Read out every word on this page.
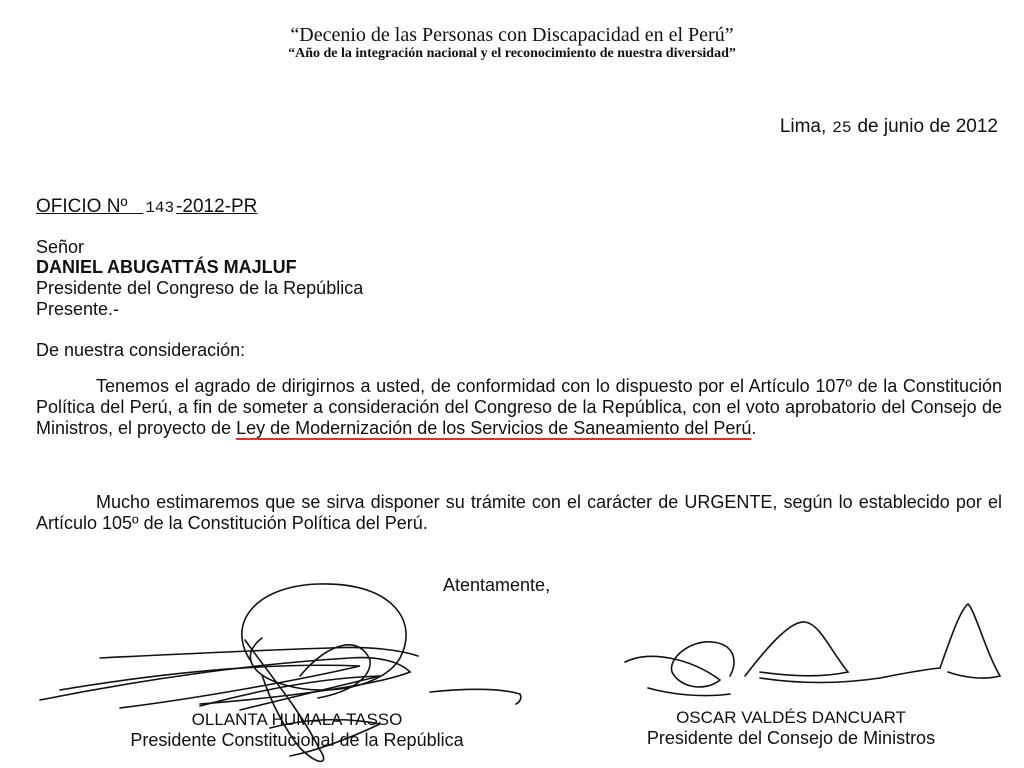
“Decenio de las Personas con Discapacidad en el Perú”
“Año de la integración nacional y el reconocimiento de nuestra diversidad”
Lima, 25 de junio de 2012
OFICIO Nº 143 -2012-PR
Señor
DANIEL ABUGATTÁS MAJLUF
Presidente del Congreso de la República
Presente.-
De nuestra consideración:
Tenemos el agrado de dirigirnos a usted, de conformidad con lo dispuesto por el Artículo 107º de la Constitución Política del Perú, a fin de someter a consideración del Congreso de la República, con el voto aprobatorio del Consejo de Ministros, el proyecto de Ley de Modernización de los Servicios de Saneamiento del Perú.
Mucho estimaremos que se sirva disponer su trámite con el carácter de URGENTE, según lo establecido por el Artículo 105º de la Constitución Política del Perú.
Atentamente,
OLLANTA HUMALA TASSO
Presidente Constitucional de la República
OSCAR VALDÉS DANCUART
Presidente del Consejo de Ministros
